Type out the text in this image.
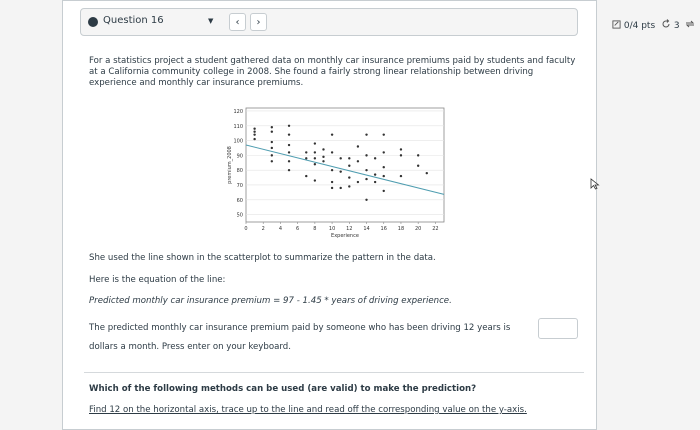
Question 16	▼	‹	›	0/4 pts 3

For a statistics project a student gathered data on monthly car insurance premiums paid by students and faculty at a California community college in 2008. She found a fairly strong linear relationship between driving experience and monthly car insurance premiums.

50
60
70
80
90
100
110
120
0	2	4	6	8 10 12 14 16 18 20 22
Experience
premium_2008

She used the line shown in the scatterplot to summarize the pattern in the data.

Here is the equation of the line:

Predicted monthly car insurance premium = 97 - 1.45 * years of driving experience.

The predicted monthly car insurance premium paid by someone who has been driving 12 years is

dollars a month. Press enter on your keyboard.

Which of the following methods can be used (are valid) to make the prediction?

Find 12 on the horizontal axis, trace up to the line and read off the corresponding value on the y-axis.
